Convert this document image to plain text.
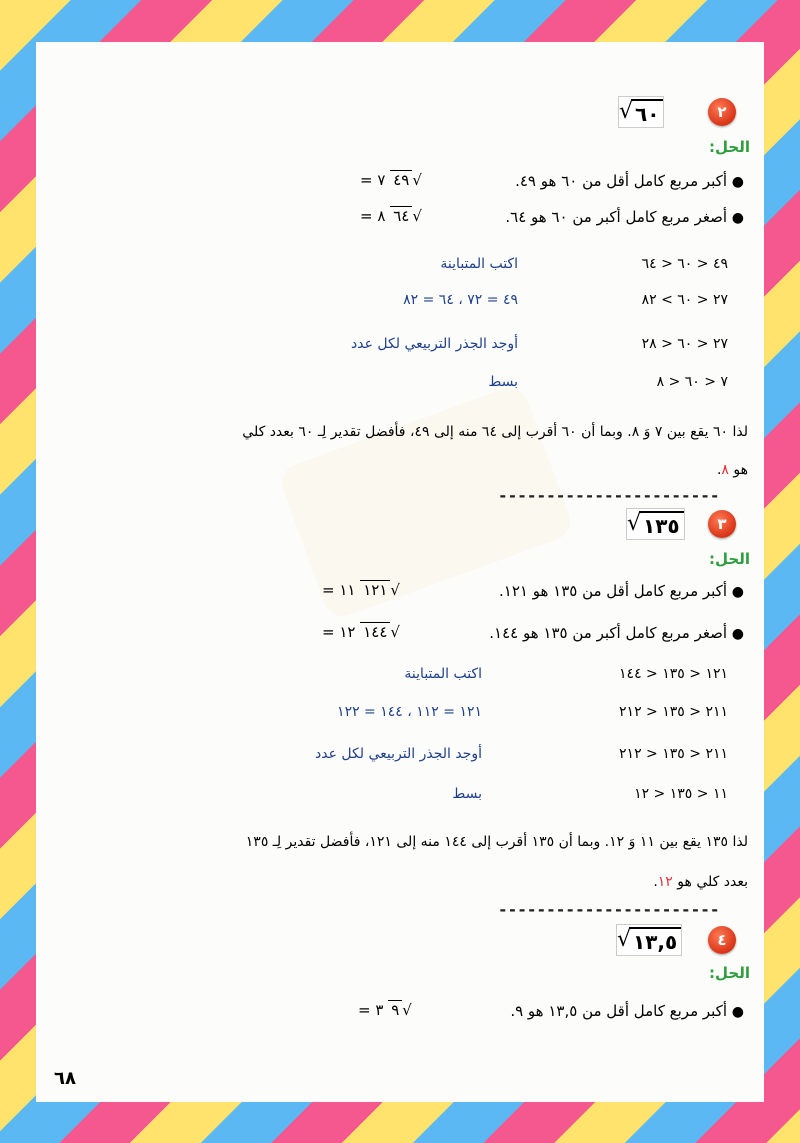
٢
√ ٦٠
الحل:
● أكبر مربع كامل أقل من ٦٠ هو ٤٩.
= ٧ ٤٩ √
● أصغر مربع كامل أكبر من ٦٠ هو ٦٤.
= ٨ ٦٤ √
٤٩ < ٦٠ < ٦٤
اكتب المتباينة
٢٧ < ٦٠ > ٨٢
٤٩ = ٧٢ ، ٦٤ = ٨٢
٢٧ < ٦٠ < ٢٨
أوجد الجذر التربيعي لكل عدد
٧ < ٦٠ < ٨
بسط
لذا ٦٠ يقع بين ٧ وَ ٨. وبما أن ٦٠ أقرب إلى ٦٤ منه إلى ٤٩، فأفضل تقدير لِـ ٦٠ بعدد كلي
هو ٨.
-----------------------
٣
√ ١٣٥
الحل:
● أكبر مربع كامل أقل من ١٣٥ هو ١٢١.
= ١١ ١٢١ √
● أصغر مربع كامل أكبر من ١٣٥ هو ١٤٤.
= ١٢ ١٤٤ √
١٢١ < ١٣٥ < ١٤٤
اكتب المتباينة
٢١١ < ١٣٥ < ٢١٢
١٢١ = ١١٢ ، ١٤٤ = ١٢٢
٢١١ < ١٣٥ < ٢١٢
أوجد الجذر التربيعي لكل عدد
١١ < ١٣٥ < ١٢
بسط
لذا ١٣٥ يقع بين ١١ وَ ١٢. وبما أن ١٣٥ أقرب إلى ١٤٤ منه إلى ١٢١، فأفضل تقدير لِـ ١٣٥
بعدد كلي هو ١٢.
-----------------------
٤
√ ١٣,٥
الحل:
● أكبر مربع كامل أقل من ١٣,٥ هو ٩.
= ٣ ٩ √
٦٨
